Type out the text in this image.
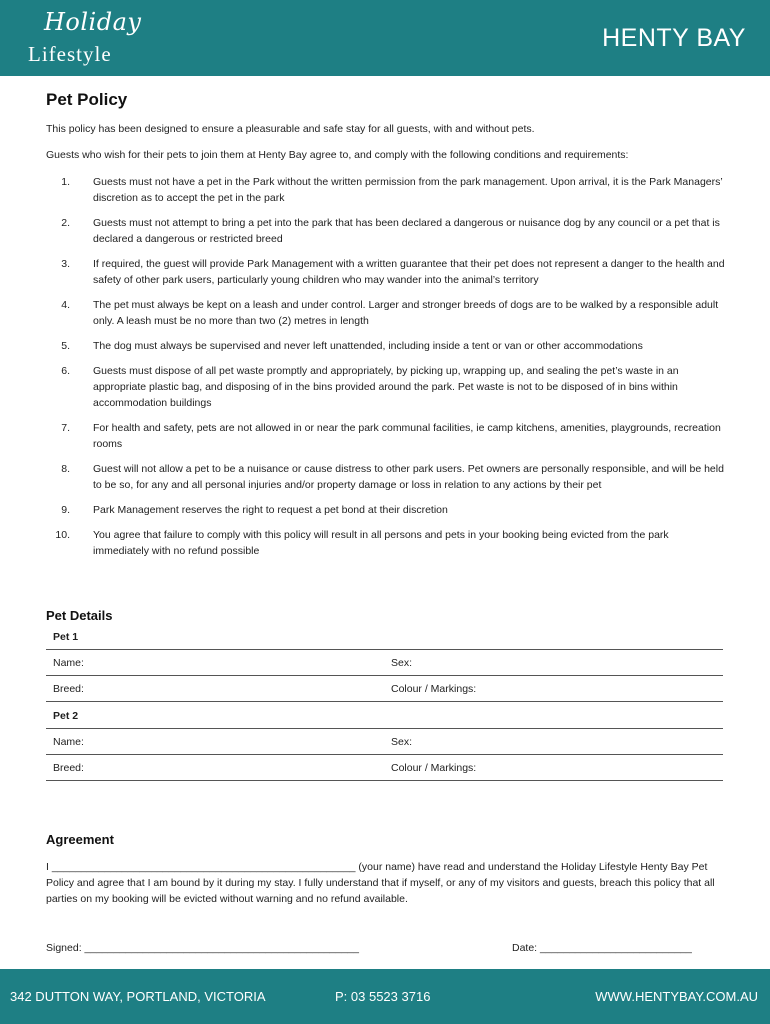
Holiday
Lifestyle
HENTY BAY
Pet Policy

This policy has been designed to ensure a pleasurable and safe stay for all guests, with and without pets.

Guests who wish for their pets to join them at Henty Bay agree to, and comply with the following conditions and requirements:

1.	Guests must not have a pet in the Park without the written permission from the park management. Upon arrival, it is the Park Managers’ discretion as to accept the pet in the park
2.	Guests must not attempt to bring a pet into the park that has been declared a dangerous or nuisance dog by any council or a pet that is declared a dangerous or restricted breed
3.	If required, the guest will provide Park Management with a written guarantee that their pet does not represent a danger to the health and safety of other park users, particularly young children who may wander into the animal’s territory
4.	The pet must always be kept on a leash and under control. Larger and stronger breeds of dogs are to be walked by a responsible adult only. A leash must be no more than two (2) metres in length
5.	The dog must always be supervised and never left unattended, including inside a tent or van or other accommodations
6.	Guests must dispose of all pet waste promptly and appropriately, by picking up, wrapping up, and sealing the pet’s waste in an appropriate plastic bag, and disposing of in the bins provided around the park. Pet waste is not to be disposed of in bins within accommodation buildings
7.	For health and safety, pets are not allowed in or near the park communal facilities, ie camp kitchens, amenities, playgrounds, recreation rooms
8.	Guest will not allow a pet to be a nuisance or cause distress to other park users. Pet owners are personally responsible, and will be held to be so, for any and all personal injuries and/or property damage or loss in relation to any actions by their pet
9.	Park Management reserves the right to request a pet bond at their discretion
10.	You agree that failure to comply with this policy will result in all persons and pets in your booking being evicted from the park immediately with no refund possible
Pet Details
Pet 1
Name:	Sex:
Breed:	Colour / Markings:
Pet 2
Name:	Sex:
Breed:	Colour / Markings:
Agreement
I ____________________________________________________ (your name) have read and understand the Holiday Lifestyle Henty Bay Pet Policy and agree that I am bound by it during my stay. I fully understand that if myself, or any of my visitors and guests, breach this policy that all parties on my booking will be evicted without warning and no refund available.
Signed: _______________________________________________	Date: __________________________
342 DUTTON WAY, PORTLAND, VICTORIA	P: 03 5523 3716	WWW.HENTYBAY.COM.AU
